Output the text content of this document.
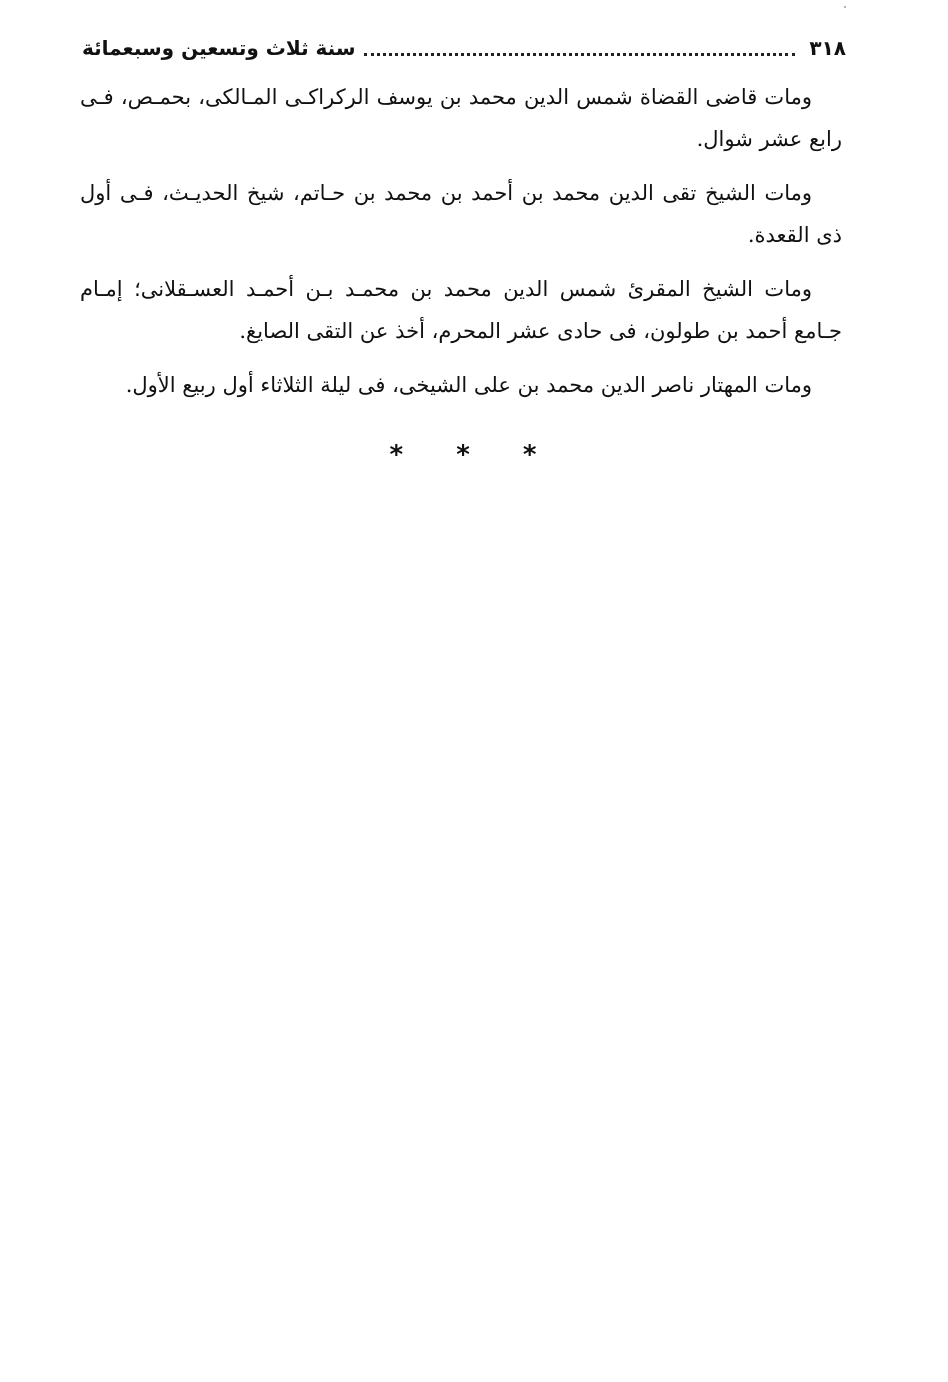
٣١٨
سنة ثلاث وتسعين وسبعمائة

ومات قاضى القضاة شمس الدين محمد بن يوسف الركراكـى المـالكى، بحمـص، فـى رابع عشر شوال.

ومات الشيخ تقى الدين محمد بن أحمد بن محمد بن حـاتم، شيخ الحديـث، فـى أول ذى القعدة.

ومات الشيخ المقرئ شمس الدين محمد بن محمـد بـن أحمـد العسـقلانى؛ إمـام جـامع أحمد بن طولون، فى حادى عشر المحرم، أخذ عن التقى الصايغ.

ومات المهتار ناصر الدين محمد بن على الشيخى، فى ليلة الثلاثاء أول ربيع الأول.

* * *
